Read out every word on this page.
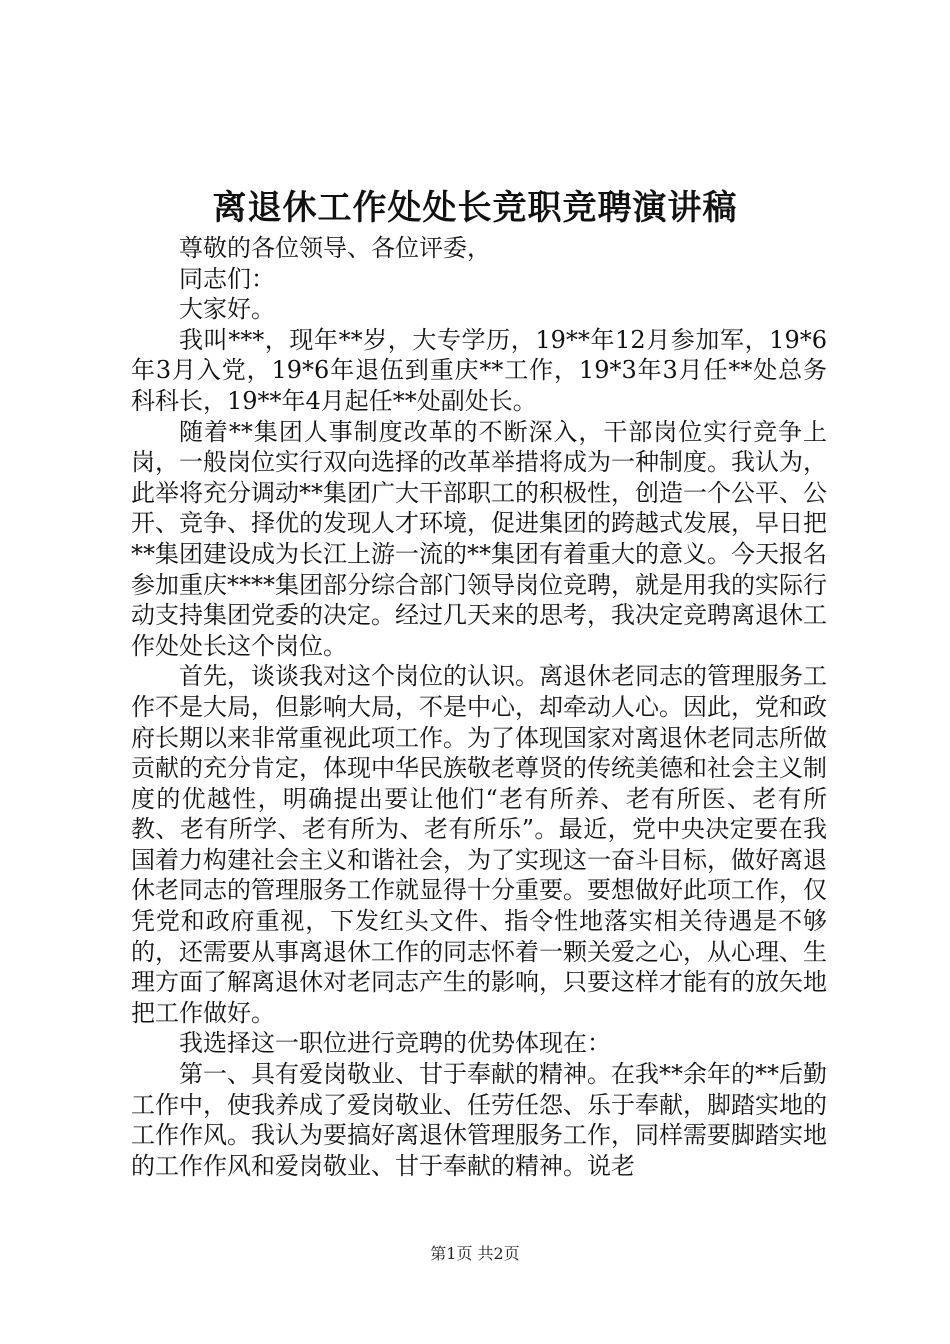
离退休工作处处长竞职竞聘演讲稿

尊敬的各位领导、各位评委，

同志们：

大家好。

我叫***，现年**岁，大专学历，19**年12月参加军，19*6年3月入党，19*6年退伍到重庆**工作，19*3年3月任**处总务科科长，19**年4月起任**处副处长。

随着**集团人事制度改革的不断深入，干部岗位实行竞争上岗，一般岗位实行双向选择的改革举措将成为一种制度。我认为，此举将充分调动**集团广大干部职工的积极性，创造一个公平、公开、竞争、择优的发现人才环境，促进集团的跨越式发展，早日把**集团建设成为长江上游一流的**集团有着重大的意义。今天报名参加重庆****集团部分综合部门领导岗位竞聘，就是用我的实际行动支持集团党委的决定。经过几天来的思考，我决定竞聘离退休工作处处长这个岗位。

首先，谈谈我对这个岗位的认识。离退休老同志的管理服务工作不是大局，但影响大局，不是中心，却牵动人心。因此，党和政府长期以来非常重视此项工作。为了体现国家对离退休老同志所做贡献的充分肯定，体现中华民族敬老尊贤的传统美德和社会主义制度的优越性，明确提出要让他们“老有所养、老有所医、老有所教、老有所学、老有所为、老有所乐”。最近，党中央决定要在我国着力构建社会主义和谐社会，为了实现这一奋斗目标，做好离退休老同志的管理服务工作就显得十分重要。要想做好此项工作，仅凭党和政府重视，下发红头文件、指令性地落实相关待遇是不够的，还需要从事离退休工作的同志怀着一颗关爱之心，从心理、生理方面了解离退休对老同志产生的影响，只要这样才能有的放矢地把工作做好。

我选择这一职位进行竞聘的优势体现在：

第一、具有爱岗敬业、甘于奉献的精神。在我**余年的**后勤工作中，使我养成了爱岗敬业、任劳任怨、乐于奉献，脚踏实地的工作作风。我认为要搞好离退休管理服务工作，同样需要脚踏实地的工作作风和爱岗敬业、甘于奉献的精神。说老

第1页 共2页
